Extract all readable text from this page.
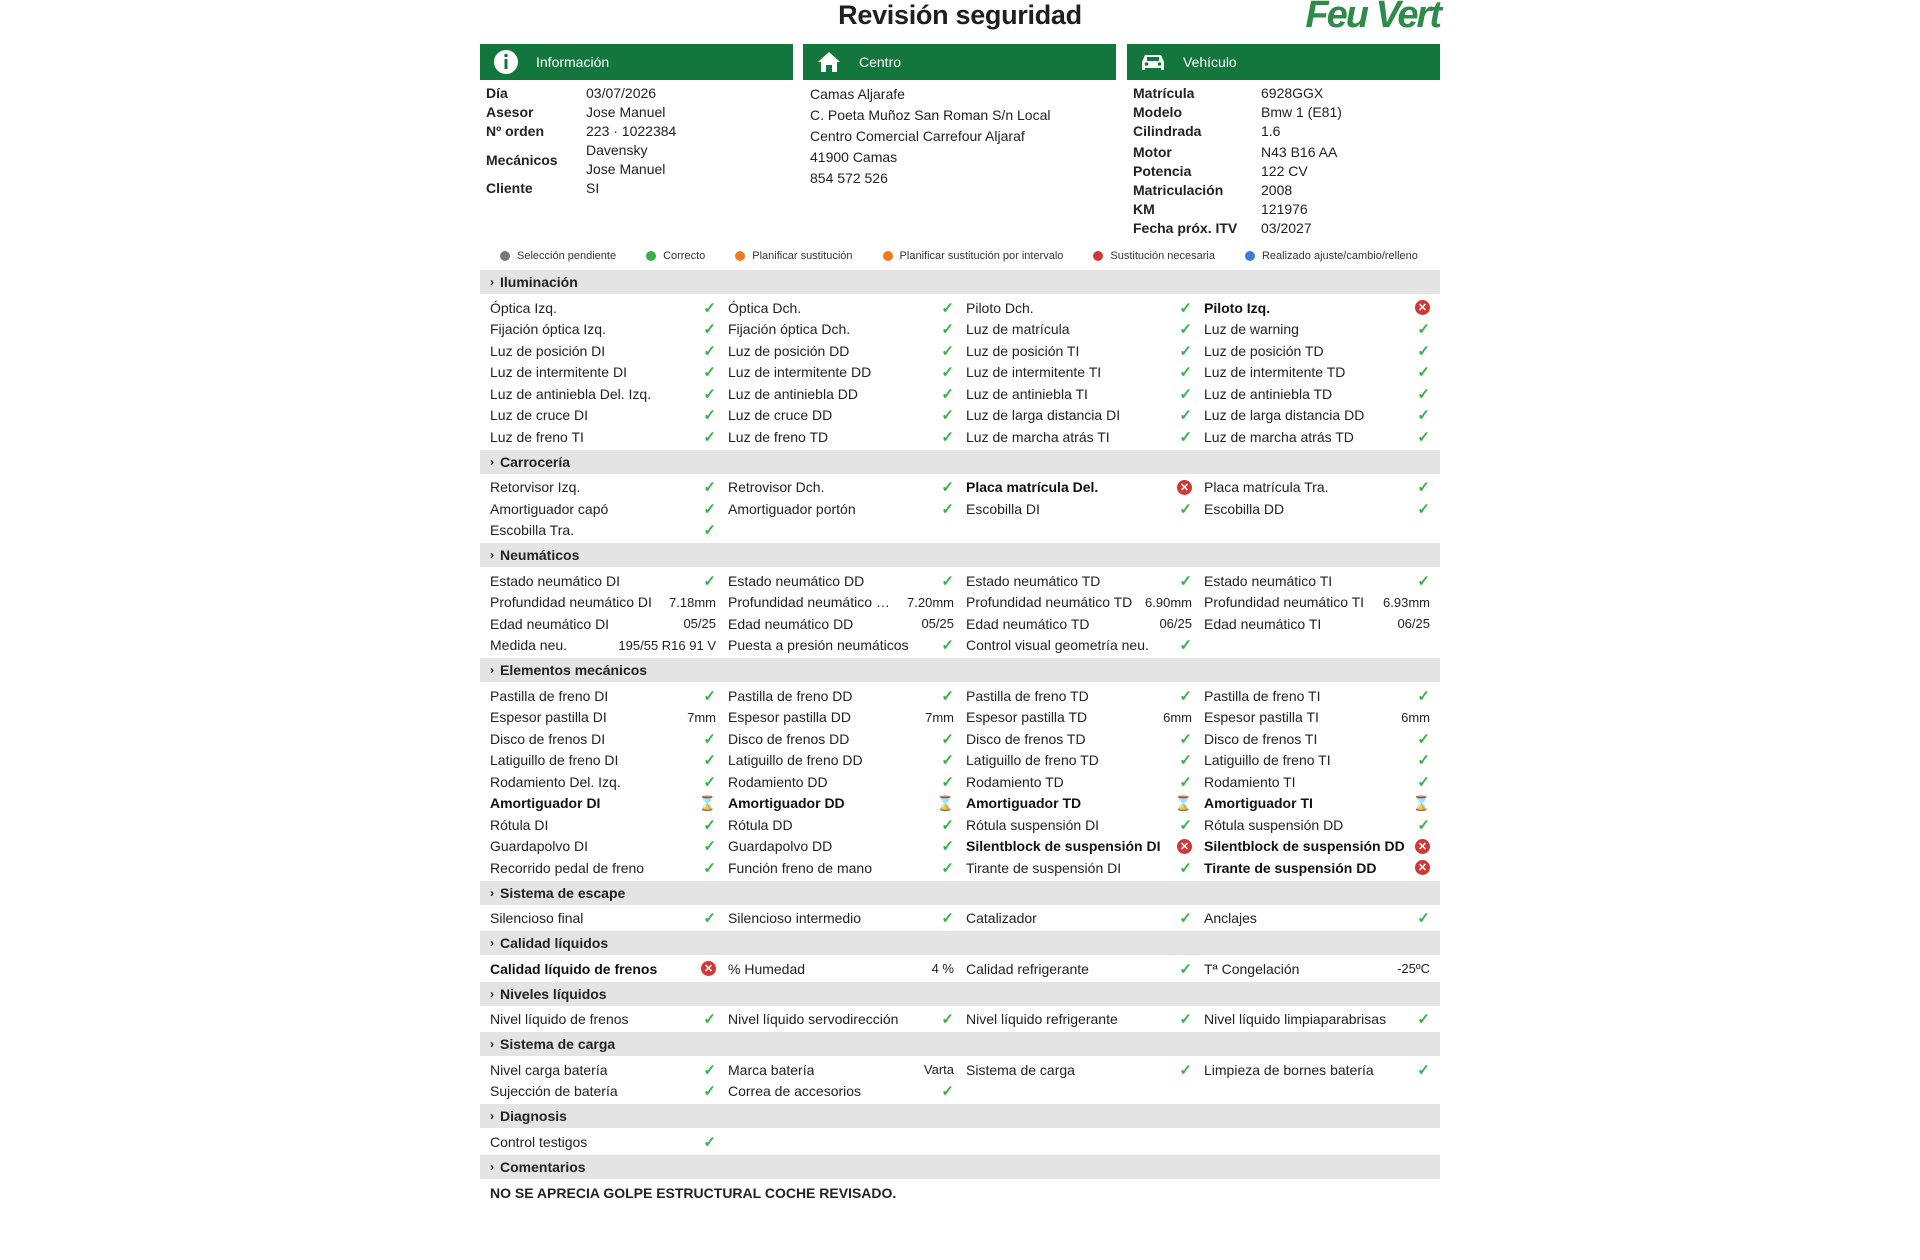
Revisión seguridad	Feu Vert
Información	Centro	Vehículo
Día	03/07/2026
Asesor	Jose Manuel
Nº orden	223 · 1022384
Mecánicos
Davensky
Jose Manuel
Cliente	SI
Camas Aljarafe
C. Poeta Muñoz San Roman S/n Local
Centro Comercial Carrefour Aljaraf
41900 Camas
854 572 526
Matrícula	6928GGX
Modelo	Bmw 1 (E81)
Cilindrada	1.6
Motor	N43 B16 AA
Potencia	122 CV
Matriculación	2008
KM	121976
Fecha próx. ITV	03/2027
Selección pendiente	Correcto	Planificar sustitución	Planificar sustitución por intervalo	Sustitución necesaria	Realizado ajuste/cambio/relleno
› Iluminación
Óptica Izq.	✓ Óptica Dch.	✓ Piloto Dch.	✓ Piloto Izq.	✕
Fijación óptica Izq.	✓ Fijación óptica Dch.	✓ Luz de matrícula	✓ Luz de warning	✓
Luz de posición DI	✓ Luz de posición DD	✓ Luz de posición TI	✓ Luz de posición TD	✓
Luz de intermitente DI	✓ Luz de intermitente DD	✓ Luz de intermitente TI	✓ Luz de intermitente TD	✓
Luz de antiniebla Del. Izq.	✓ Luz de antiniebla DD	✓ Luz de antiniebla TI	✓ Luz de antiniebla TD	✓
Luz de cruce DI	✓ Luz de cruce DD	✓ Luz de larga distancia DI	✓ Luz de larga distancia DD	✓
Luz de freno TI	✓ Luz de freno TD	✓ Luz de marcha atrás TI	✓ Luz de marcha atrás TD	✓
› Carrocería
Retorvisor Izq.	✓ Retrovisor Dch.	✓ Placa matrícula Del.	✕ Placa matrícula Tra.	✓
Amortiguador capó	✓ Amortiguador portón	✓ Escobilla DI	✓ Escobilla DD	✓
Escobilla Tra.	✓
› Neumáticos
Estado neumático DI	✓ Estado neumático DD	✓ Estado neumático TD	✓ Estado neumático TI	✓
Profundidad neumático DI	7.18mm Profundidad neumático …	7.20mm Profundidad neumático TD 6.90mm Profundidad neumático TI	6.93mm
Edad neumático DI	05/25 Edad neumático DD	05/25 Edad neumático TD	06/25 Edad neumático TI	06/25
Medida neu.	195/55 R16 91 V Puesta a presión neumáticos ✓ Control visual geometría neu. ✓
› Elementos mecánicos
Pastilla de freno DI	✓ Pastilla de freno DD	✓ Pastilla de freno TD	✓ Pastilla de freno TI	✓
Espesor pastilla DI	7mm Espesor pastilla DD	7mm Espesor pastilla TD	6mm Espesor pastilla TI	6mm
Disco de frenos DI	✓ Disco de frenos DD	✓ Disco de frenos TD	✓ Disco de frenos TI	✓
Latiguillo de freno DI	✓ Latiguillo de freno DD	✓ Latiguillo de freno TD	✓ Latiguillo de freno TI	✓
Rodamiento Del. Izq.	✓ Rodamiento DD	✓ Rodamiento TD	✓ Rodamiento TI	✓
Amortiguador DI	⌛ Amortiguador DD	⌛ Amortiguador TD	⌛ Amortiguador TI	⌛
Rótula DI	✓ Rótula DD	✓ Rótula suspensión DI	✓ Rótula suspensión DD	✓
Guardapolvo DI	✓ Guardapolvo DD	✓ Silentblock de suspensión DI ✕ Silentblock de suspensión DD ✕
Recorrido pedal de freno	✓ Función freno de mano	✓ Tirante de suspensión DI	✓ Tirante de suspensión DD	✕
› Sistema de escape
Silencioso final	✓ Silencioso intermedio	✓ Catalizador	✓ Anclajes	✓
› Calidad líquidos
Calidad líquido de frenos	✕ % Humedad	4 % Calidad refrigerante	✓ Tª Congelación	-25ºC
› Niveles líquidos
Nivel líquido de frenos	✓ Nivel líquido servodirección	✓ Nivel líquido refrigerante	✓ Nivel líquido limpiaparabrisas ✓
› Sistema de carga
Nivel carga batería	✓ Marca batería	Varta Sistema de carga	✓ Limpieza de bornes batería	✓
Sujección de batería	✓ Correa de accesorios	✓
› Diagnosis
Control testigos	✓
› Comentarios
NO SE APRECIA GOLPE ESTRUCTURAL COCHE REVISADO.
